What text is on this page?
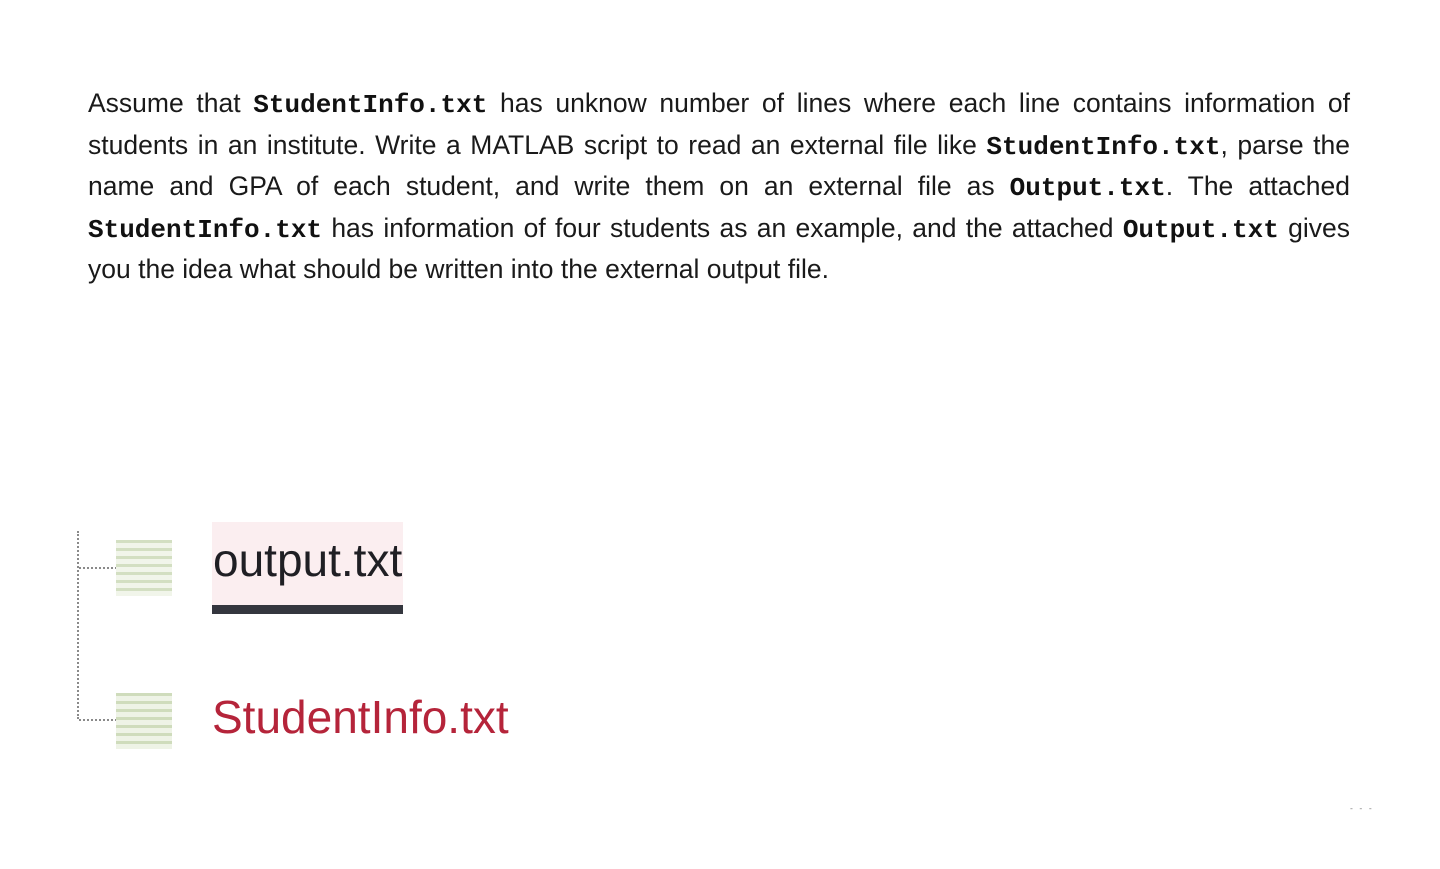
Assume that StudentInfo.txt has unknow number of lines where each line contains information of students in an institute. Write a MATLAB script to read an external file like StudentInfo.txt, parse the name and GPA of each student, and write them on an external file as Output.txt. The attached StudentInfo.txt has information of four students as an example, and the attached Output.txt gives you the idea what should be written into the external output file.
output.txt
StudentInfo.txt
- - -
